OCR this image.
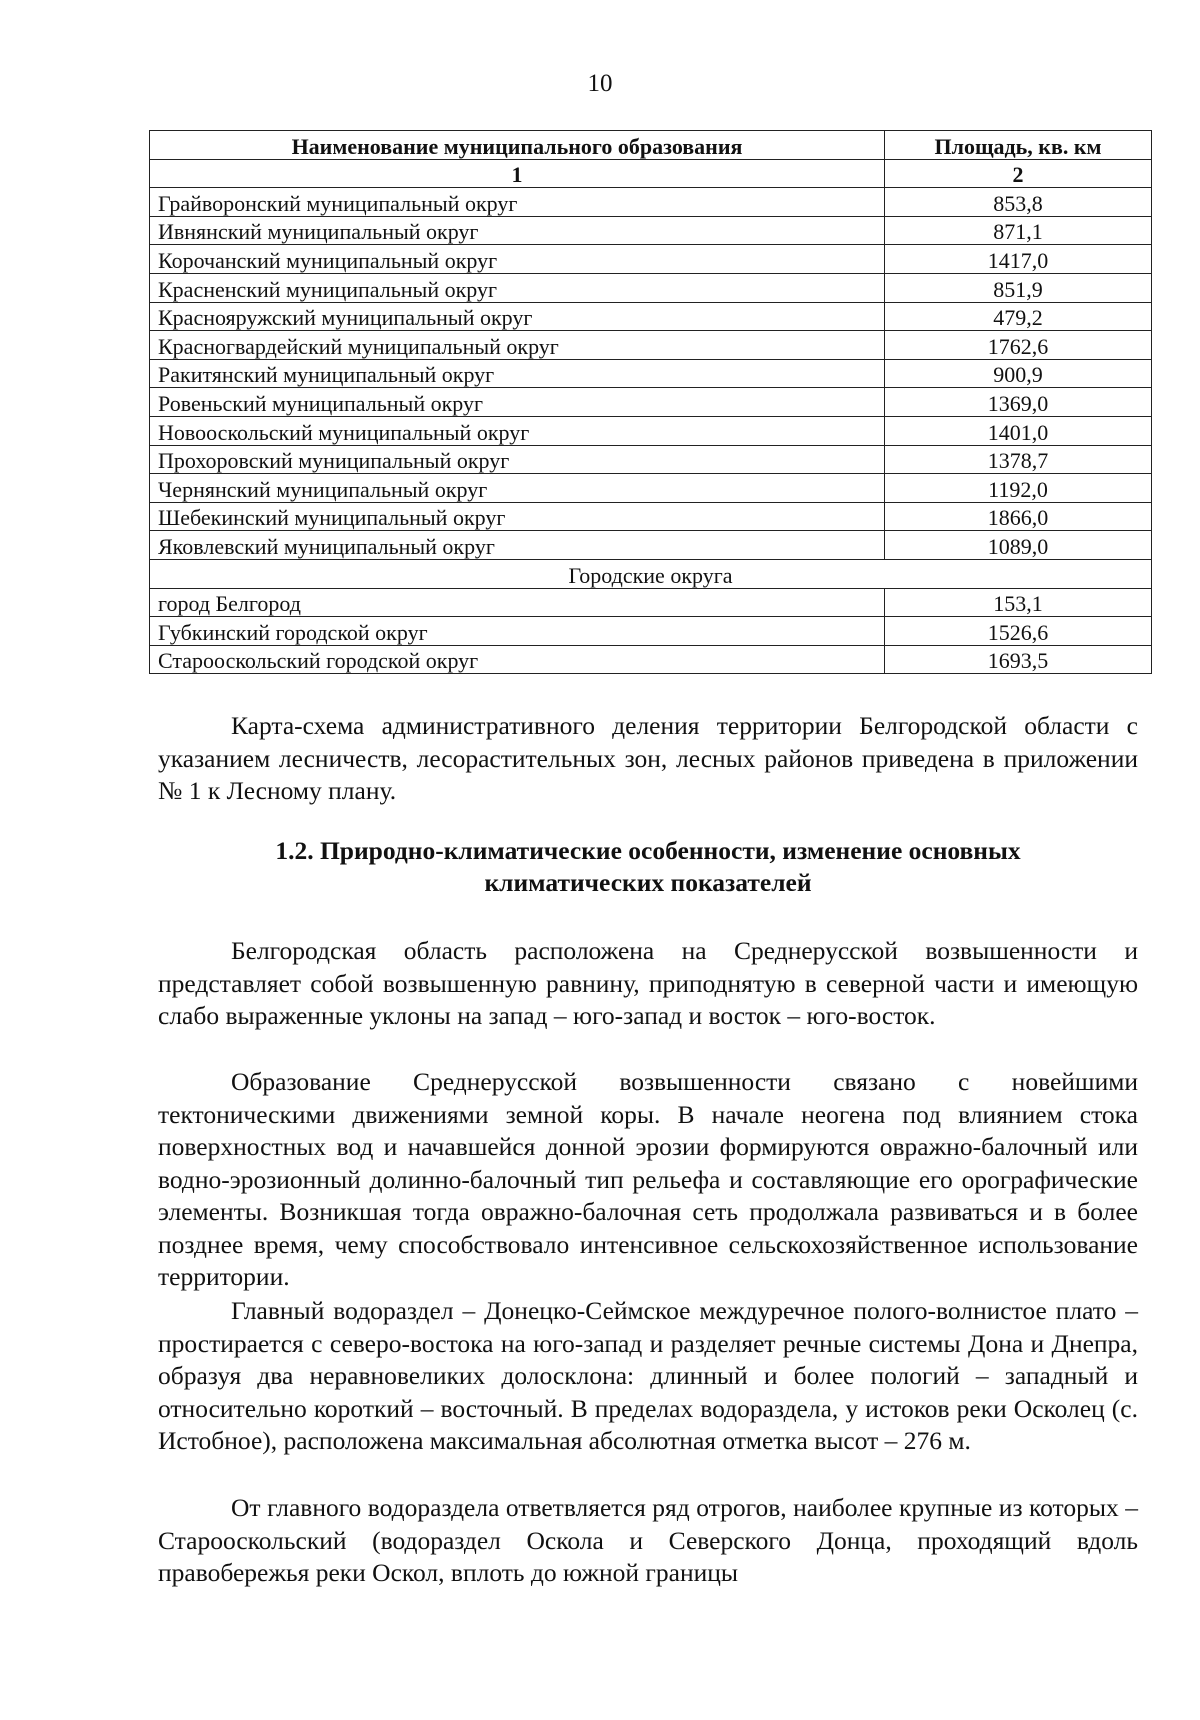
10
Наименование муниципального образования	Площадь, кв. км
1	2
Грайворонский муниципальный округ	853,8
Ивнянский муниципальный округ	871,1
Корочанский муниципальный округ	1417,0
Красненский муниципальный округ	851,9
Краснояружский муниципальный округ	479,2
Красногвардейский муниципальный округ	1762,6
Ракитянский муниципальный округ	900,9
Ровеньский муниципальный округ	1369,0
Новооскольский муниципальный округ	1401,0
Прохоровский муниципальный округ	1378,7
Чернянский муниципальный округ	1192,0
Шебекинский муниципальный округ	1866,0
Яковлевский муниципальный округ	1089,0
Городские округа	
город Белгород	153,1
Губкинский городской округ	1526,6
Старооскольский городской округ	1693,5

Карта-схема административного деления территории Белгородской области с указанием лесничеств, лесорастительных зон, лесных районов приведена в приложении № 1 к Лесному плану.

1.2. Природно-климатические особенности, изменение основных
климатических показателей

Белгородская область расположена на Среднерусской возвышенности и представляет собой возвышенную равнину, приподнятую в северной части и имеющую слабо выраженные уклоны на запад – юго-запад и восток – юго-восток.

Образование Среднерусской возвышенности связано с новейшими тектоническими движениями земной коры. В начале неогена под влиянием стока поверхностных вод и начавшейся донной эрозии формируются овражно-балочный или водно-эрозионный долинно-балочный тип рельефа и составляющие его орографические элементы. Возникшая тогда овражно-балочная сеть продолжала развиваться и в более позднее время, чему способствовало интенсивное сельскохозяйственное использование территории.

Главный водораздел – Донецко-Сеймское междуречное полого-волнистое плато – простирается с северо-востока на юго-запад и разделяет речные системы Дона и Днепра, образуя два неравновеликих долосклона: длинный и более пологий – западный и относительно короткий – восточный. В пределах водораздела, у истоков реки Осколец (с. Истобное), расположена максимальная абсолютная отметка высот – 276 м.

От главного водораздела ответвляется ряд отрогов, наиболее крупные из которых – Старооскольский (водораздел Оскола и Северского Донца, проходящий вдоль правобережья реки Оскол, вплоть до южной границы
